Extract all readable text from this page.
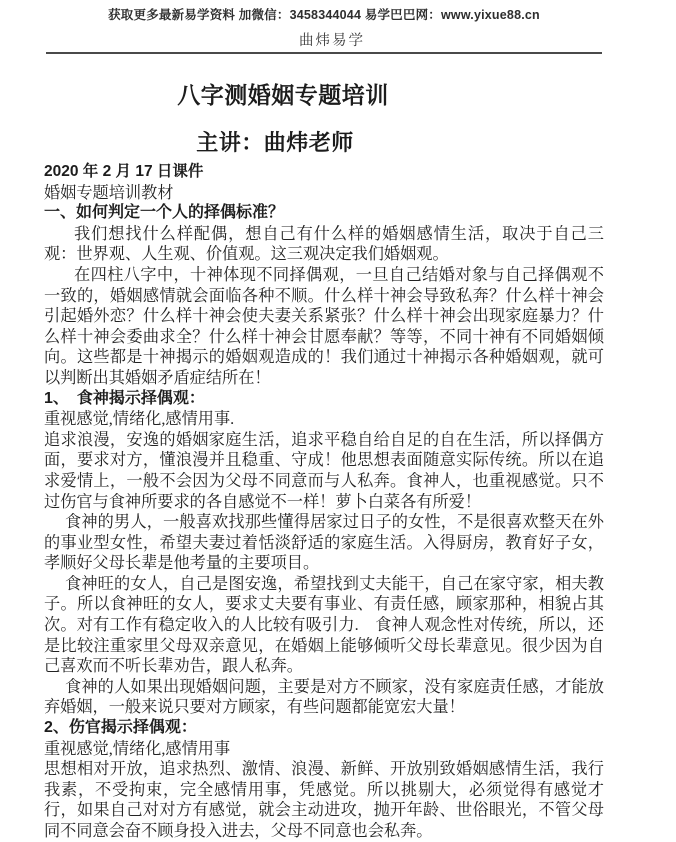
获取更多最新易学资料 加微信：3458344044 易学巴巴网：www.yixue88.cn
曲炜易学
八字测婚姻专题培训
主讲：曲炜老师
2020 年 2 月 17 日课件
婚姻专题培训教材
一、如何判定一个人的择偶标准？
我们想找什么样配偶，想自己有什么样的婚姻感情生活，取决于自己三观：世界观、人生观、价值观。这三观决定我们婚姻观。
在四柱八字中，十神体现不同择偶观，一旦自己结婚对象与自己择偶观不一致的，婚姻感情就会面临各种不顺。什么样十神会导致私奔？什么样十神会引起婚外恋？什么样十神会使夫妻关系紧张？什么样十神会出现家庭暴力？什么样十神会委曲求全？什么样十神会甘愿奉献？等等，不同十神有不同婚姻倾向。这些都是十神揭示的婚姻观造成的！我们通过十神揭示各种婚姻观，就可以判断出其婚姻矛盾症结所在！
1、　食神揭示择偶观：
重视感觉,情绪化,感情用事.
追求浪漫，安逸的婚姻家庭生活，追求平稳自给自足的自在生活，所以择偶方面，要求对方，懂浪漫并且稳重、守成！他思想表面随意实际传统。所以在追求爱情上，一般不会因为父母不同意而与人私奔。食神人，也重视感觉。只不过伤官与食神所要求的各自感觉不一样！萝卜白菜各有所爱！
食神的男人，一般喜欢找那些懂得居家过日子的女性，不是很喜欢整天在外的事业型女性，希望夫妻过着恬淡舒适的家庭生活。入得厨房，教育好子女，孝顺好父母长辈是他考量的主要项目。
食神旺的女人，自己是图安逸，希望找到丈夫能干，自己在家守家，相夫教子。所以食神旺的女人，要求丈夫要有事业、有责任感，顾家那种，相貌占其次。对有工作有稳定收入的人比较有吸引力.　食神人观念性对传统，所以，还是比较注重家里父母双亲意见，在婚姻上能够倾听父母长辈意见。很少因为自己喜欢而不听长辈劝告，跟人私奔。
食神的人如果出现婚姻问题，主要是对方不顾家，没有家庭责任感，才能放弃婚姻，一般来说只要对方顾家，有些问题都能宽宏大量！
2、伤官揭示择偶观：
重视感觉,情绪化,感情用事
思想相对开放，追求热烈、激情、浪漫、新鲜、开放别致婚姻感情生活，我行我素，不受拘束，完全感情用事，凭感觉。所以挑剔大，必须觉得有感觉才行，如果自己对对方有感觉，就会主动进攻，抛开年龄、世俗眼光，不管父母同不同意会奋不顾身投入进去，父母不同意也会私奔。
